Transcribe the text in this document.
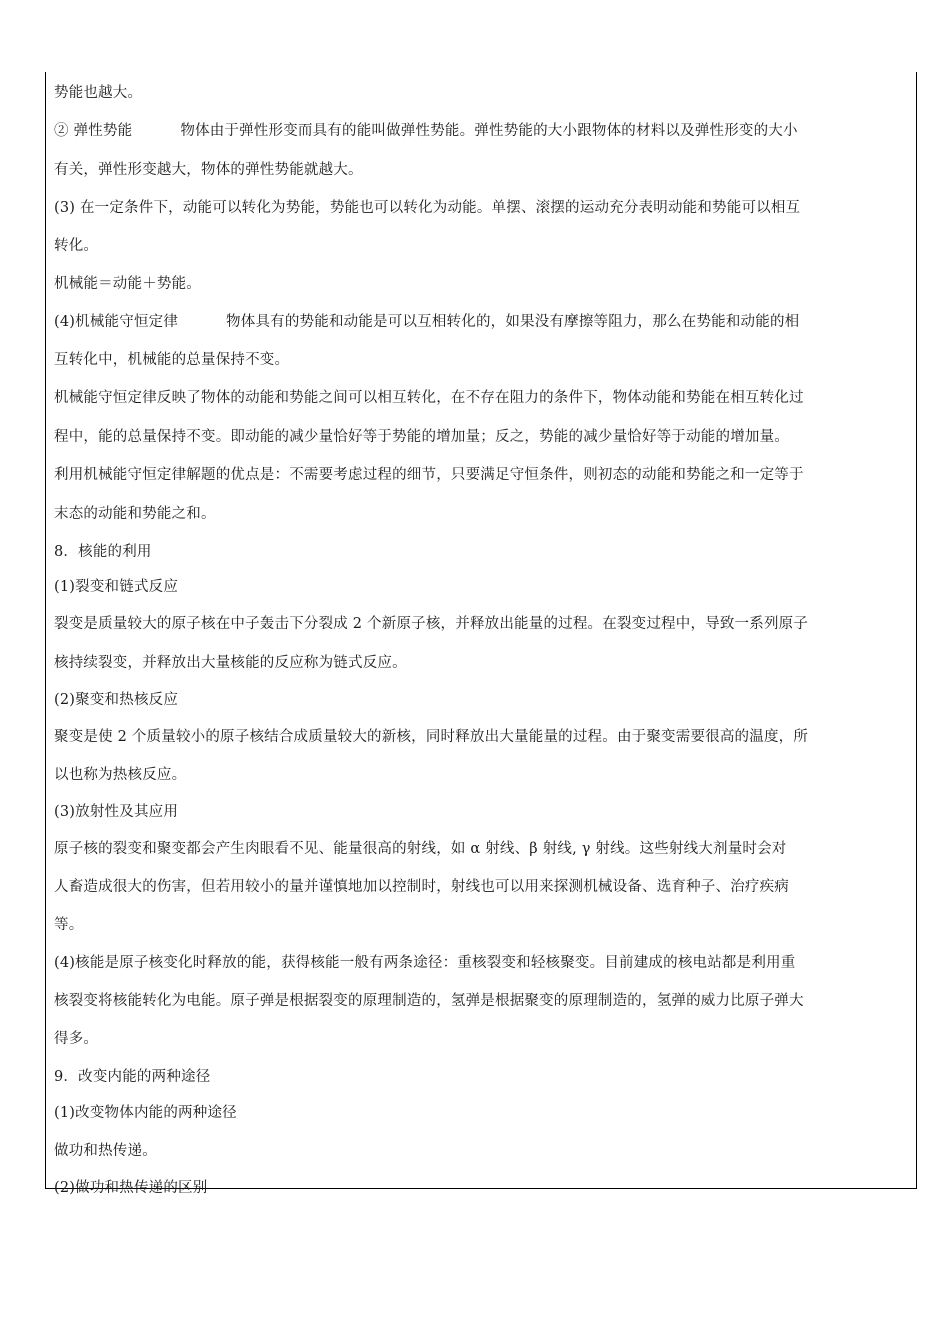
势能也越大。
② 弹性势能	物体由于弹性形变而具有的能叫做弹性势能。弹性势能的大小跟物体的材料以及弹性形变的大小
有关，弹性形变越大，物体的弹性势能就越大。
(3) 在一定条件下，动能可以转化为势能，势能也可以转化为动能。单摆、滚摆的运动充分表明动能和势能可以相互
转化。
机械能＝动能＋势能。
(4)机械能守恒定律	物体具有的势能和动能是可以互相转化的，如果没有摩擦等阻力，那么在势能和动能的相
互转化中，机械能的总量保持不变。
机械能守恒定律反映了物体的动能和势能之间可以相互转化，在不存在阻力的条件下，物体动能和势能在相互转化过
程中，能的总量保持不变。即动能的减少量恰好等于势能的增加量；反之，势能的减少量恰好等于动能的增加量。
利用机械能守恒定律解题的优点是：不需要考虑过程的细节，只要满足守恒条件，则初态的动能和势能之和一定等于
末态的动能和势能之和。
8．核能的利用
(1)裂变和链式反应
裂变是质量较大的原子核在中子轰击下分裂成 2 个新原子核，并释放出能量的过程。在裂变过程中，导致一系列原子
核持续裂变，并释放出大量核能的反应称为链式反应。
(2)聚变和热核反应
聚变是使 2 个质量较小的原子核结合成质量较大的新核，同时释放出大量能量的过程。由于聚变需要很高的温度，所
以也称为热核反应。
(3)放射性及其应用
原子核的裂变和聚变都会产生肉眼看不见、能量很高的射线，如 α 射线、β 射线, γ 射线。这些射线大剂量时会对
人畜造成很大的伤害，但若用较小的量并谨慎地加以控制时，射线也可以用来探测机械设备、选育种子、治疗疾病
等。
(4)核能是原子核变化时释放的能，获得核能一般有两条途径：重核裂变和轻核聚变。目前建成的核电站都是利用重
核裂变将核能转化为电能。原子弹是根据裂变的原理制造的，氢弹是根据聚变的原理制造的，氢弹的威力比原子弹大
得多。
9．改变内能的两种途径
(1)改变物体内能的两种途径
做功和热传递。
(2)做功和热传递的区别
